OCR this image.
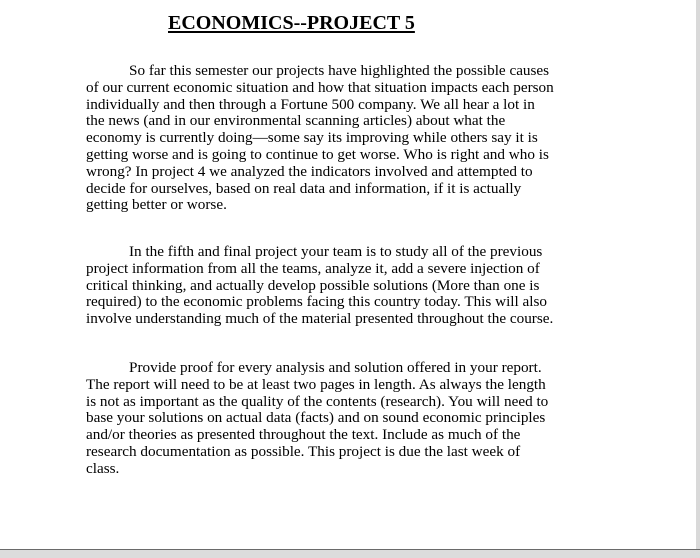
ECONOMICS--PROJECT 5

So far this semester our projects have highlighted the possible causes
of our current economic situation and how that situation impacts each person
individually and then through a Fortune 500 company. We all hear a lot in
the news (and in our environmental scanning articles) about what the
economy is currently doing—some say its improving while others say it is
getting worse and is going to continue to get worse. Who is right and who is
wrong? In project 4 we analyzed the indicators involved and attempted to
decide for ourselves, based on real data and information, if it is actually
getting better or worse.

In the fifth and final project your team is to study all of the previous
project information from all the teams, analyze it, add a severe injection of
critical thinking, and actually develop possible solutions (More than one is
required) to the economic problems facing this country today. This will also
involve understanding much of the material presented throughout the course.

Provide proof for every analysis and solution offered in your report.
The report will need to be at least two pages in length. As always the length
is not as important as the quality of the contents (research). You will need to
base your solutions on actual data (facts) and on sound economic principles
and/or theories as presented throughout the text. Include as much of the
research documentation as possible. This project is due the last week of
class.
